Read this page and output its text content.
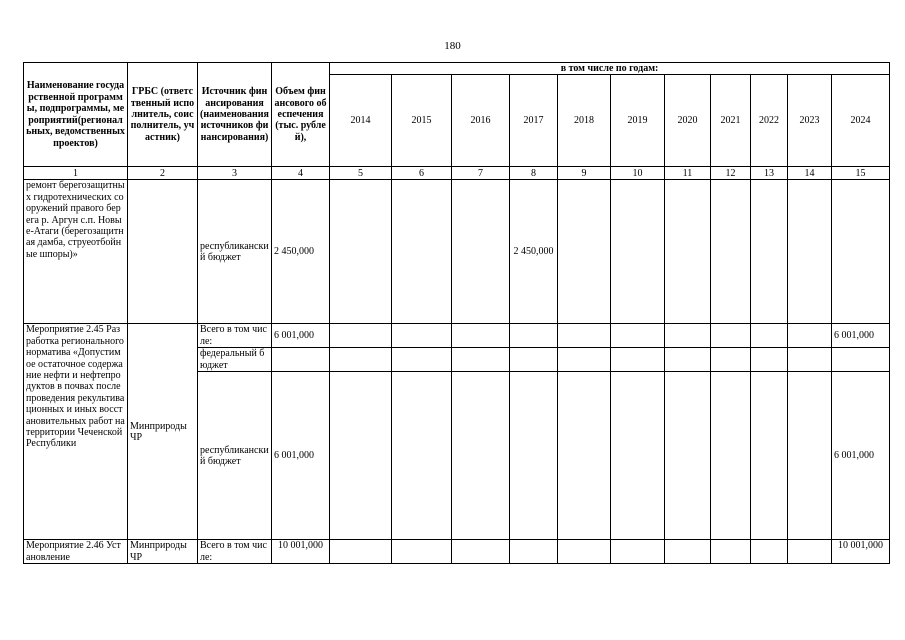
180
Наименование государственной программы, подпрограммы, мероприятий(региональных, ведомственных проектов)	ГРБС (ответственный исполнитель, соисполнитель, участник)	Источник финансирования (наименования источников финансирования)	Объем финансового обеспечения (тыс. рублей),	в том числе по годам:										
				2014	2015	2016	2017	2018	2019	2020	2021	2022	2023	2024
1	2	3	4	5	6	7	8	9	10	11	12	13	14	15
ремонт берегозащитных гидротехнических сооружений правого берега р. Аргун с.п. Новые-Атаги (берегозащитная дамба, струеотбойные шпоры)»		республиканский бюджет	2 450,000				2 450,000							
Мероприятие 2.45 Разработка регионального норматива «Допустимое остаточное содержание нефти и нефтепродуктов в почвах после проведения рекультивационных и иных восстановительных работ на территории Чеченской Республики	Минприроды ЧР	Всего в том числе:	6 001,000											6 001,000
		федеральный бюджет												
		республиканский бюджет	6 001,000											6 001,000
Мероприятие 2.46 Установление	Минприроды ЧР	Всего в том числе:	10 001,000											10 001,000
